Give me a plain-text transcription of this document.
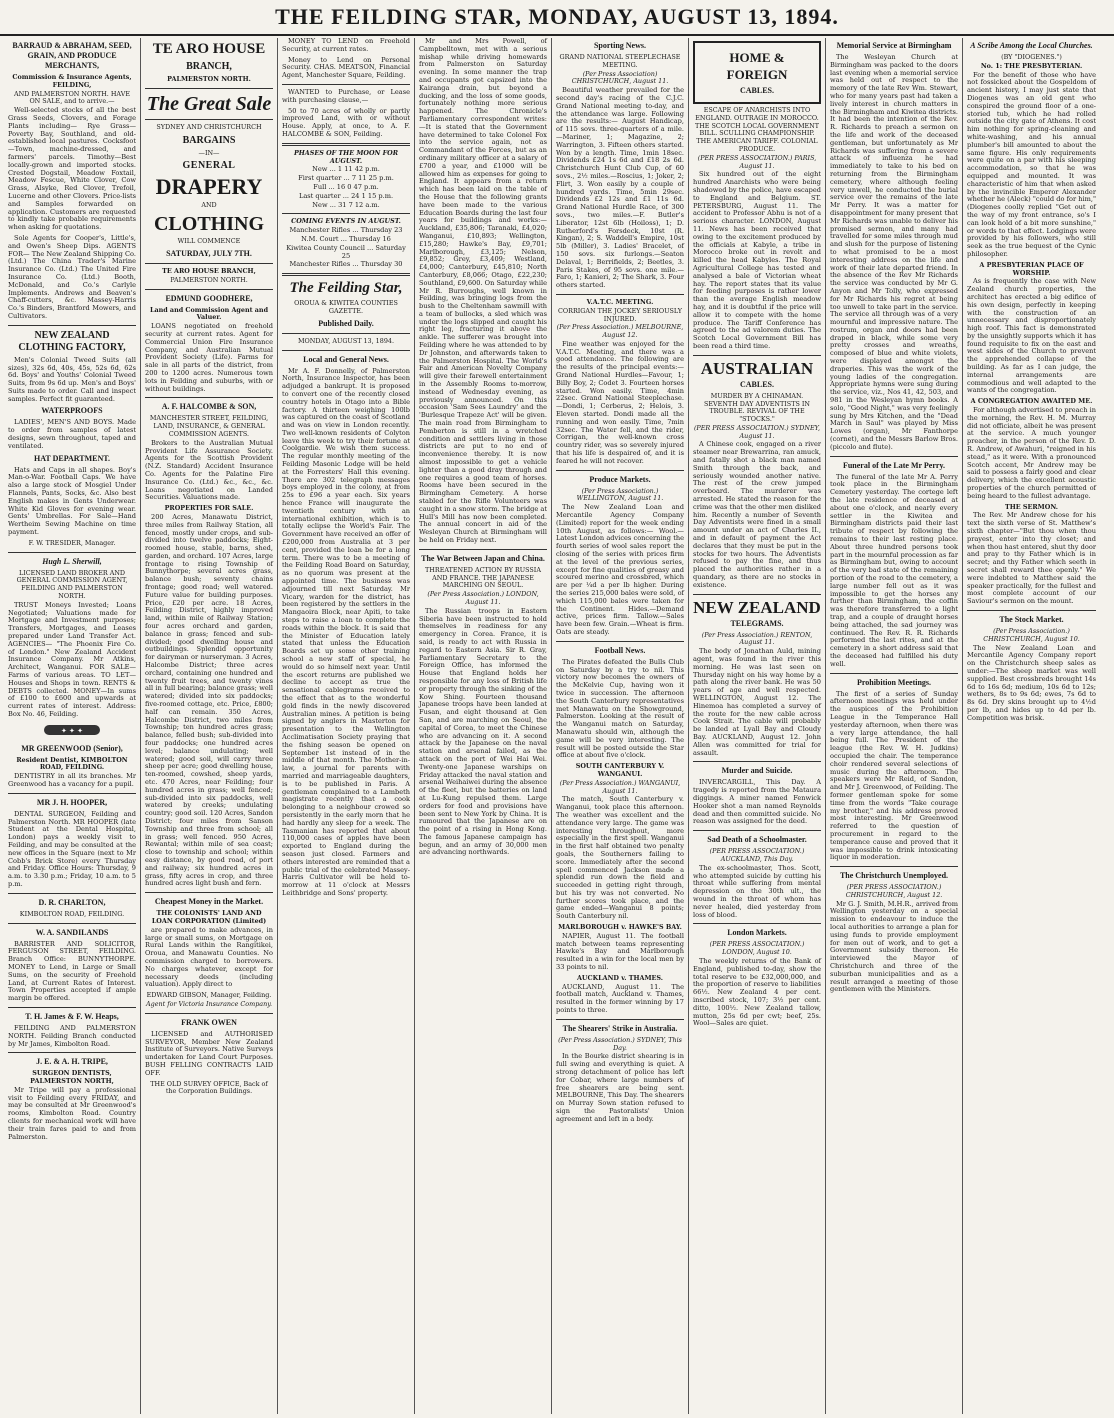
THE FEILDING STAR, MONDAY, AUGUST 13, 1894.
BARRAUD & ABRAHAM, SEED, GRAIN, AND PRODUCE MERCHANTS,
Commission & Insurance Agents, FEILDING,
AND PALMERSTON NORTH. HAVE ON SALE, and to arrive.—

Well-selected stocks of all the best Grass Seeds, Clovers, and Forage Plants including— Rye Grass—Poverty Bay, Southland, and old-established local pastures. Cocksfoot—Town, machine-dressed, and farmers' parcels. Timothy—Best locally-grown and imported stocks. Crested Dogstail, Meadow Foxtail, Meadow Fescue, White Clover, Cow Grass, Alsyke, Red Clover, Trefoil, Lucerne and other Clovers. Price-lists and Samples forwarded on application. Customers are requested to kindly take probable requirements when asking for quotations.

Sole Agents for Cooper's, Little's, and Owen's Sheep Dips. AGENTS FOR— The New Zealand Shipping Co. (Ltd.) The China Trader's Marine Insurance Co. (Ltd.) The United Fire Insurance Co. (Ltd.) Booth, McDonald, and Co.'s Carlyle Implements. Andrews and Beaven's Chaff-cutters, &c. Massey-Harris Co.'s Binders, Brantford Mowers, and Cultivators.

NEW ZEALAND CLOTHING FACTORY,

Men's Colonial Tweed Suits (all sizes), 32s 6d, 40s, 45s, 52s 6d, 62s 6d. Boys' and Youths' Colonial Tweed Suits, from 9s 6d up. Men's and Boys' Suits made to order. Call and inspect samples. Perfect fit guaranteed.

WATERPROOFS

LADIES', MEN'S AND BOYS. Made to order from samples of latest designs, sewn throughout, taped and ventilated.

HAT DEPARTMENT.

Hats and Caps in all shapes. Boy's Man-o-War. Football Caps. We have also a large stock of Mosgiel Under Flannels, Pants, Socks, &c. Also best English makes in Gents Underwear. White Kid Gloves for evening wear. Gents' Umbrellas. For Sale—Hand Wertheim Sewing Machine on time payment.

F. W. TRESIDER, Manager.
Hugh L. Sherwill,
LICENSED LAND BROKER AND GENERAL COMMISSION AGENT, FEILDING AND PALMERSTON NORTH.

TRUST Moneys Invested; Loans Negotiated; Valuations made for Mortgage and Investment purposes; Transfers, Mortgages, and Leases prepared under Land Transfer Act. AGENCIES— "The Phoenix Fire Co. of London." New Zealand Accident Insurance Company. Mr Atkins, Architect, Wanganui. FOR SALE—Farms of various areas. TO LET—Houses and Shops in town. RENTS & DEBTS collected. MONEY—In sums of £100 to £600 and upwards at current rates of interest. Address: Box No. 46, Feilding.

✦ ✦ ✦
MR GREENWOOD (Senior),
Resident Dentist, KIMBOLTON ROAD, FEILDING.

DENTISTRY in all its branches. Mr Greenwood has a vacancy for a pupil.

MR J. H. HOOPER,

DENTAL SURGEON, Feilding and Palmerston North. MR HOOPER (late Student at the Dental Hospital, London) pays a weekly visit to Feilding, and may be consulted at the new offices in the Square (next to Mr Cobb's Brick Store) every Thursday and Friday. Office Hours: Thursday, 9 a.m. to 3.30 p.m.; Friday, 10 a.m. to 5 p.m.

D. R. CHARLTON,
KIMBOLTON ROAD, FEILDING.
W. A. SANDILANDS

BARRISTER AND SOLICITOR, FERGUSON STREET, FEILDING. Branch Office: BUNNYTHORPE. MONEY to Lend, in Large or Small Sums, on the security of Freehold Land, at Current Rates of Interest. Town Properties accepted if ample margin be offered.

T. H. James & F. W. Heaps,

FEILDING AND PALMERSTON NORTH. Feilding Branch conducted by Mr James, Kimbolton Road.

J. E. & A. H. TRIPE,
SURGEON DENTISTS, PALMERSTON NORTH,

Mr Tripe will pay a professional visit to Feilding every FRIDAY, and may be consulted at Mr Greenwood's rooms, Kimbolton Road. Country clients for mechanical work will have their train fares paid to and from Palmerston.

TE ARO HOUSE
BRANCH,
PALMERSTON NORTH.
The Great Sale
SYDNEY AND CHRISTCHURCH
BARGAINS
—IN—
GENERAL
DRAPERY
AND
CLOTHING
WILL COMMENCE
SATURDAY, JULY 7TH.
TE ARO HOUSE BRANCH,
PALMERSTON NORTH.
EDMUND GOODHERE,
Land and Commission Agent and Valuer.

LOANS negotiated on freehold security at current rates. Agent for Commercial Union Fire Insurance Company, and Australian Mutual Provident Society (Life). Farms for sale in all parts of the district, from 200 to 1200 acres. Numerous town lots in Feilding and suburbs, with or without buildings.

A. F. HALCOMBE & SON,
MANCHESTER STREET, FEILDING, LAND, INSURANCE, & GENERAL COMMISSION AGENTS.

Brokers to the Australian Mutual Provident Life Assurance Society. Agents for the Scottish Provident (N.Z. Standard) Accident Insurance Co. Agents for the Palatine Fire Insurance Co. (Ltd.) &c., &c., &c. Loans negotiated on Landed Securities. Valuations made.

PROPERTIES FOR SALE.

200 Acres, Manawatu District, three miles from Railway Station, all fenced, mostly under crops, and sub-divided into twelve paddocks; Eight-roomed house, stable, barns, shed, garden, and orchard. 107 Acres, large frontage to rising Township of Bunnythorpe; several acres grass, balance bush; seventy chains frontage; good road; well watered. Future value for building purposes. Price, £20 per acre. 18 Acres, Feilding District, highly improved land, within mile of Railway Station; four acres orchard and garden, balance in grass; fenced and sub-divided; good dwelling house and outbuildings. Splendid opportunity for dairyman or nurseryman. 3 Acres, Halcombe District; three acres orchard, containing one hundred and twenty fruit trees, and twenty vines all in full bearing; balance grass; well watered; divided into six paddocks; five-roomed cottage, etc. Price, £800; half can remain. 350 Acres, Halcombe District, two miles from Township; ten hundred acres grass; balance, felled bush; sub-divided into four paddocks; one hundred acres level; balance undulating; well watered; good soil, will carry three sheep per acre; good dwelling house, ten-roomed, cowshed, sheep yards, etc. 470 Acres, near Feilding; four hundred acres in grass; well fenced; sub-divided into six paddocks, well watered by creeks; undulating country; good soil. 120 Acres, Sandon District; four miles from Sanson Township and three from school; all in grass; well fenced. 950 Acres, Rewantal; within mile of sea coast; close to township and school; within easy distance, by good road, of port and railway; six hundred acres in grass, fifty acres in crop, and three hundred acres light bush and fern.

Cheapest Money in the Market.
THE COLONISTS' LAND AND LOAN CORPORATION (Limited)

are prepared to make advances, in large or small sums, on Mortgage on Rural Lands within the Rangitikei, Oroua, and Manawatu Counties. No commission charged to borrowers. No charges whatever, except for necessary deeds (including valuation). Apply direct to

EDWARD GIBSON, Manager, Feilding.
Agent for Victoria Insurance Company.
FRANK OWEN

LICENSED and AUTHORISED SURVEYOR, Member New Zealand Institute of Surveyors. Native Surveys undertaken for Land Court Purposes. BUSH FELLING CONTRACTS LAID OFF.

THE OLD SURVEY OFFICE, Back of the Corporation Buildings.

MONEY TO LEND on Freehold Security, at current rates.

Money to Lend on Personal Security. CHAS. MEATSON, Financial Agent, Manchester Square, Feilding.

WANTED to Purchase, or Lease with purchasing clause,—

50 to 70 acres of wholly or partly improved Land, with or without House. Apply, at once, to A. F. HALCOMBE & SON, Feilding.

PHASES OF THE MOON FOR AUGUST.
New ... 1 11 42 p.m.
First quarter ... 7 11 25 p.m.
Full ... 16 0 47 p.m.
Last quarter ... 24 1 15 p.m.
New ... 31 7 12 a.m.
COMING EVENTS IN AUGUST.
Manchester Rifles ... Thursday 23
N.M. Court ... Thursday 16
Kiwitea County Council ... Saturday 25
Manchester Rifles ... Thursday 30
The Feilding Star,
OROUA & KIWITEA COUNTIES GAZETTE.
Published Daily.
MONDAY, AUGUST 13, 1894.
Local and General News.

Mr A. F. Donnelly, of Palmerston North, Insurance Inspector, has been adjudged a bankrupt. It is proposed to convert one of the recently closed country hotels in Otago into a Bible factory. A thirteen weighing 100lb was captured on the coast of Scotland and was on view in London recently. Two well-known residents of Colyton leave this week to try their fortune at Coolgardie. We wish them success. The regular monthly meeting of the Feilding Masonic Lodge will be held at the Forresters' Hall this evening. There are 302 telegraph messages boys employed in the colony, at from 25s to £96 a year each. Six years hence France will inaugurate the twentieth century with an international exhibition, which is to totally eclipse the World's Fair. The Government have received an offer of £200,000 from Australia at 3 per cent, provided the loan be for a long term. There was to be a meeting of the Feilding Road Board on Saturday, as no quorum was present at the appointed time. The business was adjourned till next Saturday. Mr Vicary, warden for the district, has been registered by the settlers in the Mangaoira Block, near Apiti, to take steps to raise a loan to complete the roads within the block. It is said that the Minister of Education lately stated that unless the Education Boards set up some other training school a new staff of special, he would do so himself next year. Until the escort returns are published we decline to accept as true the sensational cablegrams received to the effect that as to the wonderful gold finds in the newly discovered Australian mines. A petition is being signed by anglers in Masterton for presentation to the Wellington Acclimatisation Society praying that the fishing season be opened on September 1st instead of in the middle of that month. The Mother-in-law, a journal for parents with married and marriageable daughters, is to be published in Paris. A gentleman complained to a Lambeth magistrate recently that a cook belonging to a neighbour crowed so persistently in the early morn that he had hardly any sleep for a week. The Tasmanian has reported that about 110,000 cases of apples have been exported to England during the season just closed. Farmers and others interested are reminded that a public trial of the celebrated Massey-Harris Cultivator will be held to-morrow at 11 o'clock at Messrs Leithbridge and Sons' property.

Mr and Mrs Powell, of Campbelltown, met with a serious mishap while driving homewards from Palmerston on Saturday evening. In some manner the trap and occupants got capsized into the Kairanga drain, but beyond a ducking, and the loss of some goods, fortunately nothing more serious happened. The Chronicle's Parliamentary correspondent writes:—It is stated that the Government have determined to take Colonel Fox into the service again, not as Commandant of the Forces, but as an ordinary military officer at a salary of £700 a year, and £1000 will be allowed him as expenses for going to England. It appears from a return which has been laid on the table of the House that the following grants have been made to the various Education Boards during the last four years for buildings and works:—Auckland, £35,806; Taranaki, £4,020; Wanganui, £10,893; Wellington, £15,280; Hawke's Bay, £9,701; Marlborough, £3,125; Nelson, £9,852; Grey, £3,409; Westland, £4,000; Canterbury, £45,810; North Canterbury, £8,066; Otago, £22,230; Southland, £9,600. On Saturday while Mr R. Burroughs, well known in Feilding, was bringing logs from the bush to the Cheltenham sawmill with a team of bullocks, a sled which was under the logs slipped and caught his right leg, fracturing it above the ankle. The sufferer was brought into Feilding where he was attended to by Dr Johnston, and afterwards taken to the Palmerston Hospital. The World's Fair and American Novelty Company will give their farewell entertainment in the Assembly Rooms to-morrow, instead of Wednesday evening, as previously announced. On this occasion 'Sam Sees Laundry' and the 'Burlesque Trapeze Act' will be given. The main road from Birmingham to Pemberton is still in a wretched condition and settlers living in those districts are put to no end of inconvenience thereby. It is now almost impossible to get a vehicle lighter than a good dray through and one requires a good team of horses. Rooms have been secured in the Birmingham Cemetery. A horse stabled for the Rifle Volunteers was caught in a snow storm. The bridge at Hull's Mill has now been completed. The annual concert in aid of the Wesleyan Church at Birmingham will be held on Friday next.

The War Between Japan and China.
THREATENED ACTION BY RUSSIA AND FRANCE. THE JAPANESE MARCHING ON SEOUL.
(Per Press Association.) LONDON, August 11.

The Russian troops in Eastern Siberia have been instructed to hold themselves in readiness for any emergency in Corea. France, it is said, is ready to act with Russia in regard to Eastern Asia. Sir R. Gray, Parliamentary Secretary to the Foreign Office, has informed the House that England holds her responsible for any loss of British life or property through the sinking of the Kow Shing. Fourteen thousand Japanese troops have been landed at Fusan, and eight thousand at Gen San, and are marching on Seoul, the capital of Corea, to meet the Chinese who are advancing on it. A second attack by the Japanese on the naval station and arsenal failed, as the attack on the port of Wei Hai Wei. Twenty-one Japanese warships on Friday attacked the naval station and arsenal Weihaiwei during the absence of the fleet, but the batteries on land at Lu-Kung repulsed them. Large orders for food and provisions have been sent to New York by China. It is rumoured that the Japanese are on the point of a rising in Hong Kong. The famous Japanese campaign has begun, and an army of 30,000 men are advancing northwards.

Sporting News.
GRAND NATIONAL STEEPLECHASE MEETING.
(Per Press Association) CHRISTCHURCH, August 11.

Beautiful weather prevailed for the second day's racing of the C.J.C. Grand National meeting to-day, and the attendance was large. Following are the results:— August Handicap, of 115 sovs. three-quarters of a mile.—Mariner, 1; Magazine, 2; Warrington, 3. Fifteen others started. Won by a length. Time, 1min 18sec. Dividends £24 1s 6d and £18 2s 6d. Christchurch Hunt Club Cup, of 60 sovs., 2½ miles.—Roscius, 1; Joker, 2; Flirt, 3. Won easily by a couple of hundred yards. Time, 5min 29sec. Dividends £2 12s and £1 11s 6d. Grand National Hurdle Race, of 300 sovs., two miles.—F. Butler's Liberator, 12st 6lb (Hoiloss), 1; D. Rutherford's Forsdeck, 10st (R. Kingan), 2; S. Waddell's Empire, 10st 5lb (Miller), 3. Ladies' Bracelet, of 150 sovs. six furlongs.—Seaton Delaval, 1; Berrifields, 2; Beetles, 3. Paris Stakes, of 95 sovs. one mile.—Faro, 1; Kanieri, 2; The Shark, 3. Four others started.

V.A.T.C. MEETING.
CORRIGAN THE JOCKEY SERIOUSLY INJURED.
(Per Press Association.) MELBOURNE, August 12.

Fine weather was enjoyed for the V.A.T.C. Meeting, and there was a good attendance. The following are the results of the principal events:— Grand National Hurdles—Favour, 1; Billy Boy, 2; Codet 3. Fourteen horses started. Won easily. Time, 4min 22sec. Grand National Steeplechase.—Dondi, 1; Cerberus, 2; Helois, 3. Eleven started. Dondi made all the running and won easily. Time, 7min 32sec. The Water fell, and the rider, Corrigan, the well-known cross country rider, was so severely injured that his life is despaired of, and it is feared he will not recover.

Produce Markets.
(Per Press Association.) WELLINGTON, August 11.

The New Zealand Loan and Mercantile Agency Company (Limited) report for the week ending 10th August, as follows:— Wool.—Latest London advices concerning the fourth series of wool sales report the closing of the series with prices firm at the level of the previous series, except for fine qualities of greasy and scoured merino and crossbred, which are per ¼d a per lb higher. During the series 215,000 bales were sold, of which 115,000 bales were taken for the Continent. Hides.—Demand active, prices firm. Tallow.—Sales have been few. Grain.—Wheat is firm. Oats are steady.

Football News.

The Pirates defeated the Bulls Club on Saturday by a try to nil. This victory now becomes the owners of the McKelvie Cup, having won it twice in succession. The afternoon the South Canterbury representatives met Manawatu on the Showground, Palmerston. Looking at the result of the Wanganui match on Saturday, Manawatu should win, although the game will be very interesting. The result will be posted outside the Star office at about five o'clock.

SOUTH CANTERBURY V. WANGANUI.
(Per Press Association.) WANGANUI, August 11.

The match, South Canterbury v. Wanganui, took place this afternoon. The weather was excellent and the attendance very large. The game was interesting throughout, more especially in the first spell. Wanganui in the first half obtained two penalty goals, the Southerners failing to score. Immediately after the second spell commenced Jackson made a splendid run down the field and succeeded in getting right through, but his try was not converted. No further scores took place, and the game ended—Wanganui 8 points; South Canterbury nil.

MARLBOROUGH v. HAWKE'S BAY.

NAPIER, August 11. The football match between teams representing Hawke's Bay and Marlborough resulted in a win for the local men by 33 points to nil.

AUCKLAND v. THAMES.

AUCKLAND, August 11. The football match, Auckland v. Thames, resulted in the former winning by 17 points to three.

The Shearers' Strike in Australia.
(Per Press Association.) SYDNEY, This Day.

In the Bourke district shearing is in full swing and everything is quiet. A strong detachment of police has left for Cobar, where large numbers of free shearers are being sent. MELBOURNE, This Day. The shearers on Murray Sown station refused to sign the Pastoralists' Union agreement and left in a body.

HOME & FOREIGN
CABLES.
ESCAPE OF ANARCHISTS INTO ENGLAND. OUTRAGE IN MOROCCO. THE SCOTCH LOCAL GOVERNMENT BILL. SCULLING CHAMPIONSHIP. THE AMERICAN TARIFF. COLONIAL PRODUCE.
(PER PRESS ASSOCIATION.) PARIS, August 11.

Six hundred out of the eight hundred Anarchists who were being shadowed by the police, have escaped to England and Belgium. ST. PETERSBURG, August 11. The accident to Professor Abhu is not of a serious character. LONDON, August 11. News has been received that owing to the excitement produced by the officials at Kabyle, a tribe in Morocco broke out in revolt and killed the head Kabyles. The Royal Agricultural College has tested and analysed a bale of Victorian wheat hay. The report states that its value for feeding purposes is rather lower than the average English meadow hay, and it is doubtful if the price will allow it to compete with the home produce. The Tariff Conference has agreed to the ad valorem duties. The Scotch Local Government Bill has been read a third time.

AUSTRALIAN
CABLES.
MURDER BY A CHINAMAN. SEVENTH DAY ADVENTISTS IN TROUBLE. REVIVAL OF THE "STOCKS."
(PER PRESS ASSOCIATION.) SYDNEY, August 11.

A Chinese cook, engaged on a river steamer near Brewarrina, ran amuck, and fatally shot a black man named Smith through the back, and seriously wounded another native. The rest of the crew jumped overboard. The murderer was arrested. He stated the reason for the crime was that the other men disliked him. Recently a number of Seventh Day Adventists were fined in a small amount under an act of Charles II., and in default of payment the Act declares that they must be put in the stocks for two hours. The Adventists refused to pay the fine, and thus placed the authorities rather in a quandary, as there are no stocks in existence.

NEW ZEALAND
TELEGRAMS.
(Per Press Association.) RENTON, August 11.

The body of Jonathan Auld, mining agent, was found in the river this morning. He was last seen on Thursday night on his way home by a path along the river bank. He was 50 years of age and well respected. WELLINGTON, August 12. The Hinemoa has completed a survey of the route for the new cable across Cook Strait. The cable will probably be landed at Lyall Bay and Cloudy Bay. AUCKLAND, August 12. John Allen was committed for trial for assault.

Murder and Suicide.

INVERCARGILL, This Day. A tragedy is reported from the Mataura diggings. A miner named Fenwick Hooker shot a man named Reynolds dead and then committed suicide. No reason was assigned for the deed.

Sad Death of a Schoolmaster.
(PER PRESS ASSOCIATION.) AUCKLAND, This Day.

The ex-schoolmaster, Thos. Scott, who attempted suicide by cutting his throat while suffering from mental depression on the 30th ult., the wound in the throat of whom has never healed, died yesterday from loss of blood.

London Markets.
(PER PRESS ASSOCIATION.) LONDON, August 10.

The weekly returns of the Bank of England, published to-day, show the total reserve to be £32,000,000, and the proportion of reserve to liabilities 66½. New Zealand 4 per cent. inscribed stock, 107; 3½ per cent. ditto, 100½. New Zealand tallow, mutton, 25s 6d per cwt; beef, 25s. Wool—Sales are quiet.

Memorial Service at Birmingham

The Wesleyan Church at Birmingham was packed to the doors last evening when a memorial service was held out of respect to the memory of the late Rev Wm. Stewart, who for many years past had taken a lively interest in church matters in the Birmingham and Kiwitea districts. It had been the intention of the Rev. R. Richards to preach a sermon on the life and work of the deceased gentleman, but unfortunately as Mr Richards was suffering from a severe attack of influenza he had immediately to take to his bed on returning from the Birmingham cemetery, where although feeling very unwell, he conducted the burial service over the remains of the late Mr Perry. It was a matter for disappointment for many present that Mr Richards was unable to deliver his promised sermon, and many had travelled for some miles through mud and slush for the purpose of listening to what promised to be a most interesting address on the life and work of their late departed friend. In the absence of the Rev Mr Richards the service was conducted by Mr G. Anyon and Mr Tolly, who expressed for Mr Richards his regret at being too unwell to take part in the service. The service all through was of a very mournful and impressive nature. The rostrum, organ and doors had been draped in black, while some very pretty crosses and wreaths, composed of blue and white violets, were displayed amongst the draperies. This was the work of the young ladies of the congregation. Appropriate hymns were sung during the service, viz., Nos 41, 42, 503, and 981 in the Wesleyan hymn books. A solo, "Good Night," was very feelingly sung by Mrs Kitchen, and the "Dead March in Saul" was played by Miss Lowes (organ), Mr Fanthorpe (cornet), and the Messrs Barlow Bros. (piccolo and flute).

Funeral of the Late Mr Perry.

The funeral of the late Mr A. Perry took place in the Birmingham Cemetery yesterday. The cortege left the late residence of deceased at about one o'clock, and nearly every settler in the Kiwitea and Birmingham districts paid their last tribute of respect by following the remains to their last resting place. About three hundred persons took part in the mournful procession as far as Birmingham but, owing to account of the very bad state of the remaining portion of the road to the cemetery, a large number fell out as it was impossible to get the horses any further than Birmingham, the coffin was therefore transferred to a light trap, and a couple of draught horses being attached, the sad journey was continued. The Rev. R. R. Richards performed the last rites, and at the cemetery in a short address said that the deceased had fulfilled his duty well.

Prohibition Meetings.

The first of a series of Sunday afternoon meetings was held under the auspices of the Prohibition League in the Temperance Hall yesterday afternoon, when there was a very large attendance, the hall being full. The President of the league (the Rev. W. H. Judkins) occupied the chair. The temperance choir rendered several selections of music during the afternoon. The speakers were Mr Reid, of Sandon, and Mr J. Greenwood, of Feilding. The former gentleman spoke for some time from the words "Take courage my brother," and his address proved most interesting. Mr Greenwood referred to the question of procurement in regard to the temperance cause and proved that it was impossible to drink intoxicating liquor in moderation.

The Christchurch Unemployed.
(PER PRESS ASSOCIATION.) CHRISTCHURCH, August 12.

Mr G. J. Smith, M.H.R., arrived from Wellington yesterday on a special mission to endeavour to induce the local authorities to arrange a plan for using funds to provide employment for men out of work, and to get a Government subsidy thereon. He interviewed the Mayor of Christchurch and three of the suburban municipalities and as a result arranged a meeting of those gentlemen with the Ministers.

A Scribe Among the Local Churches.
(BY "DIOGENES.")
No. 1: THE PRESBYTERIAN.

For the benefit of those who have not fossicked about the Gospeldom of ancient history, I may just state that Diogenes was an old gent who conspired the ground floor of a one-storied tub, which he had rolled outside the city gate of Athens. It cost him nothing for spring-cleaning and white-washing, and his annual plumber's bill amounted to about the same figure. His only requirements were quite on a par with his sleeping accommodation, so that he was equipped and mounted. It was characteristic of him that when asked by the invincible Emperor Alexander whether he (Aleck) "could do for him," (Diogenes coolly replied "Get out of the way of my front entrance, so's I can look hold of a bit more sunshine," or words to that effect. Lodgings were provided by his followers, who still seek as the true bequest of the Cynic philosopher.

A PRESBYTERIAN PLACE OF WORSHIP.

As is frequently the case with New Zealand church properties, the architect has erected a big edifice of his own design, perfectly in keeping with the construction of an unnecessary and disproportionately high roof. This fact is demonstrated by the unsightly supports which it has found requisite to fix on the east and west sides of the Church to prevent the apprehended collapse of the building. As far as I can judge, the internal arrangements are commodious and well adapted to the wants of the congregation.

A CONGREGATION AWAITED ME.

For although advertised to preach in the morning, the Rev. H. M. Murray did not officiate, albeit he was present at the service. A much younger preacher, in the person of the Rev. D. R. Andrew, of Awahuri, "reigned in his stead," as it were. With a pronounced Scotch accent, Mr Andrew may be said to possess a fairly good and clear delivery, which the excellent acoustic properties of the church permitted of being heard to the fullest advantage.

THE SERMON.

The Rev. Mr Andrew chose for his text the sixth verse of St. Matthew's sixth chapter—"But thou when thou prayest, enter into thy closet; and when thou hast entered, shut thy door and pray to thy Father which is in secret; and thy Father which seeth in secret shall reward thee openly." We were indebted to Matthew said the speaker practically, for the fullest and most complete account of our Saviour's sermon on the mount.

The Stock Market.
(Per Press Association.) CHRISTCHURCH, August 10.

The New Zealand Loan and Mercantile Agency Company report on the Christchurch sheep sales as under:—The sheep market was well supplied. Best crossbreds brought 14s 6d to 16s 6d; medium, 10s 6d to 12s; wethers, 8s to 9s 6d; ewes, 7s 6d to 8s 6d. Dry skins brought up to 4½d per lb, and hides up to 4d per lb. Competition was brisk.
